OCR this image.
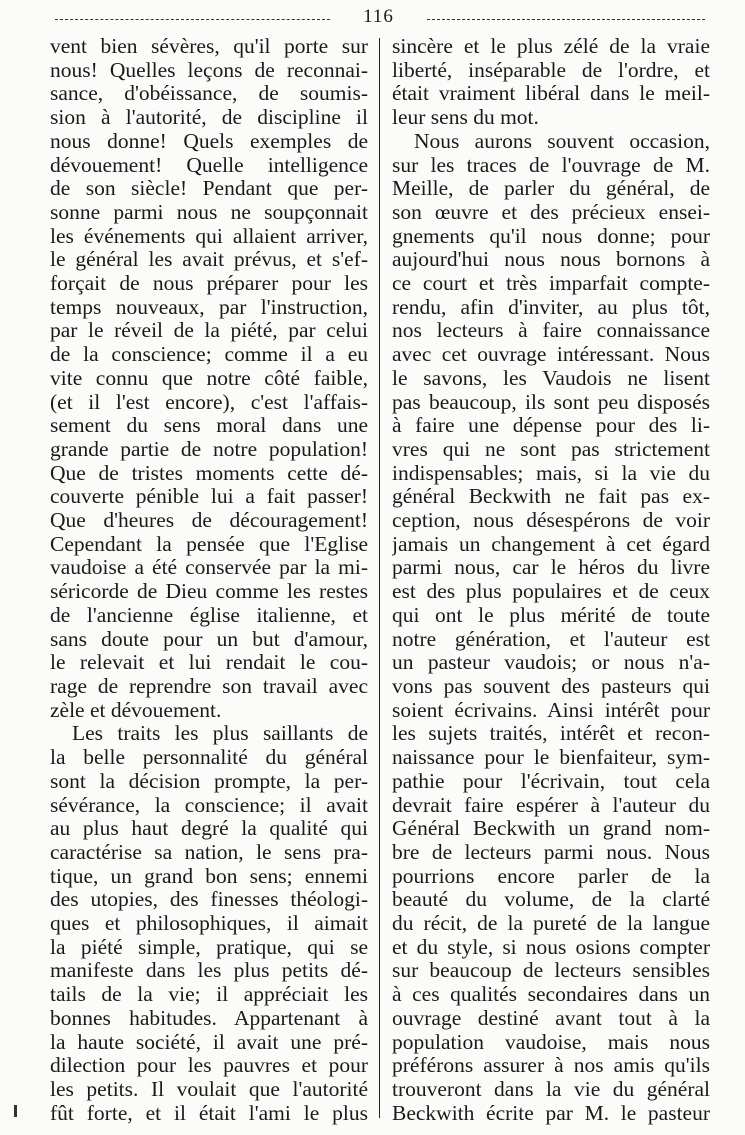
116
vent bien sévères, qu'il porte sur
nous! Quelles leçons de reconnai-
sance, d'obéissance, de soumis-
sion à l'autorité, de discipline il
nous donne! Quels exemples de
dévouement! Quelle intelligence
de son siècle! Pendant que per-
sonne parmi nous ne soupçonnait
les événements qui allaient arriver,
le général les avait prévus, et s'ef-
forçait de nous préparer pour les
temps nouveaux, par l'instruction,
par le réveil de la piété, par celui
de la conscience; comme il a eu
vite connu que notre côté faible,
(et il l'est encore), c'est l'affais-
sement du sens moral dans une
grande partie de notre population!
Que de tristes moments cette dé-
couverte pénible lui a fait passer!
Que d'heures de découragement!
Cependant la pensée que l'Eglise
vaudoise a été conservée par la mi-
séricorde de Dieu comme les restes
de l'ancienne église italienne, et
sans doute pour un but d'amour,
le relevait et lui rendait le cou-
rage de reprendre son travail avec
zèle et dévouement.
Les traits les plus saillants de
la belle personnalité du général
sont la décision prompte, la per-
sévérance, la conscience; il avait
au plus haut degré la qualité qui
caractérise sa nation, le sens pra-
tique, un grand bon sens; ennemi
des utopies, des finesses théologi-
ques et philosophiques, il aimait
la piété simple, pratique, qui se
manifeste dans les plus petits dé-
tails de la vie; il appréciait les
bonnes habitudes. Appartenant à
la haute société, il avait une pré-
dilection pour les pauvres et pour
les petits. Il voulait que l'autorité
fût forte, et il était l'ami le plus
sincère et le plus zélé de la vraie
liberté, inséparable de l'ordre, et
était vraiment libéral dans le meil-
leur sens du mot.
Nous aurons souvent occasion,
sur les traces de l'ouvrage de M.
Meille, de parler du général, de
son œuvre et des précieux ensei-
gnements qu'il nous donne; pour
aujourd'hui nous nous bornons à
ce court et très imparfait compte-
rendu, afin d'inviter, au plus tôt,
nos lecteurs à faire connaissance
avec cet ouvrage intéressant. Nous
le savons, les Vaudois ne lisent
pas beaucoup, ils sont peu disposés
à faire une dépense pour des li-
vres qui ne sont pas strictement
indispensables; mais, si la vie du
général Beckwith ne fait pas ex-
ception, nous désespérons de voir
jamais un changement à cet égard
parmi nous, car le héros du livre
est des plus populaires et de ceux
qui ont le plus mérité de toute
notre génération, et l'auteur est
un pasteur vaudois; or nous n'a-
vons pas souvent des pasteurs qui
soient écrivains. Ainsi intérêt pour
les sujets traités, intérêt et recon-
naissance pour le bienfaiteur, sym-
pathie pour l'écrivain, tout cela
devrait faire espérer à l'auteur du
Général Beckwith un grand nom-
bre de lecteurs parmi nous. Nous
pourrions encore parler de la
beauté du volume, de la clarté
du récit, de la pureté de la langue
et du style, si nous osions compter
sur beaucoup de lecteurs sensibles
à ces qualités secondaires dans un
ouvrage destiné avant tout à la
population vaudoise, mais nous
préférons assurer à nos amis qu'ils
trouveront dans la vie du général
Beckwith écrite par M. le pasteur
